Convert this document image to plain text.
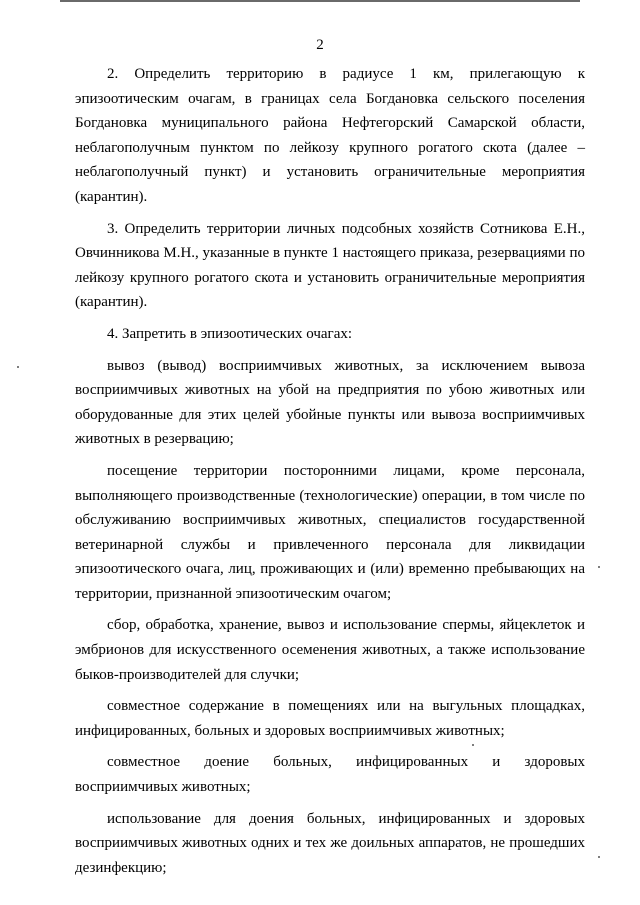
2

2. Определить территорию в радиусе 1 км, прилегающую к эпизоотическим очагам, в границах села Богдановка сельского поселения Богдановка муниципального района Нефтегорский Самарской области, неблагополучным пунктом по лейкозу крупного рогатого скота (далее – неблагополучный пункт) и установить ограничительные мероприятия (карантин).

3. Определить территории личных подсобных хозяйств Сотникова Е.Н., Овчинникова М.Н., указанные в пункте 1 настоящего приказа, резервациями по лейкозу крупного рогатого скота и установить ограничительные мероприятия (карантин).

4. Запретить в эпизоотических очагах:

вывоз (вывод) восприимчивых животных, за исключением вывоза восприимчивых животных на убой на предприятия по убою животных или оборудованные для этих целей убойные пункты или вывоза восприимчивых животных в резервацию;

посещение территории посторонними лицами, кроме персонала, выполняющего производственные (технологические) операции, в том числе по обслуживанию восприимчивых животных, специалистов государственной ветеринарной службы и привлеченного персонала для ликвидации эпизоотического очага, лиц, проживающих и (или) временно пребывающих на территории, признанной эпизоотическим очагом;

сбор, обработка, хранение, вывоз и использование спермы, яйцеклеток и эмбрионов для искусственного осеменения животных, а также использование быков-производителей для случки;

совместное содержание в помещениях или на выгульных площадках, инфицированных, больных и здоровых восприимчивых животных;

совместное доение больных, инфицированных и здоровых восприимчивых животных;

использование для доения больных, инфицированных и здоровых восприимчивых животных одних и тех же доильных аппаратов, не прошедших дезинфекцию;
